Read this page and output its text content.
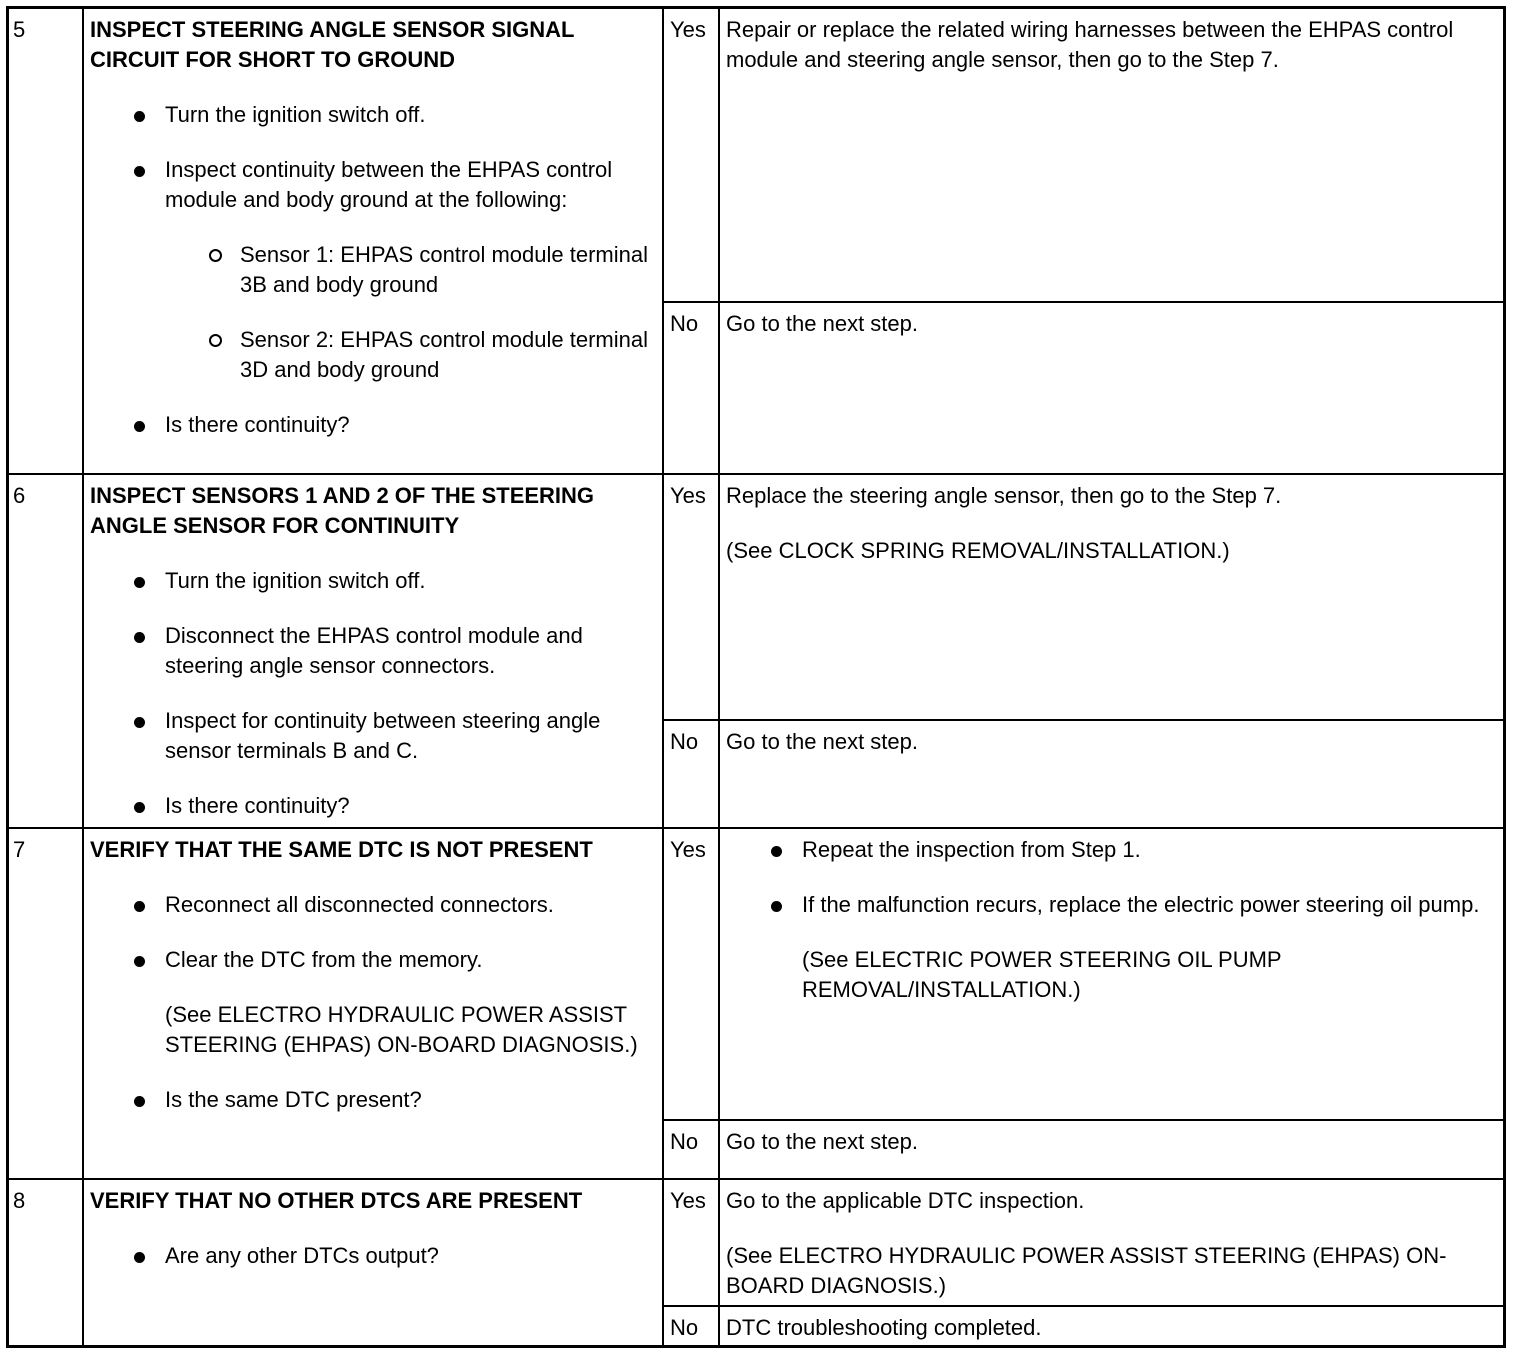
5	INSPECT STEERING ANGLE SENSOR SIGNAL CIRCUIT FOR SHORT TO GROUND
Turn the ignition switch off.
Inspect continuity between the EHPAS control module and body ground at the following:
Sensor 1: EHPAS control module terminal 3B and body ground
Sensor 2: EHPAS control module terminal 3D and body ground
Is there continuity?
Yes Repair or replace the related wiring harnesses between the EHPAS control module and steering angle sensor, then go to the Step 7.
No	Go to the next step.
6	INSPECT SENSORS 1 AND 2 OF THE STEERING ANGLE SENSOR FOR CONTINUITY
Turn the ignition switch off.
Disconnect the EHPAS control module and steering angle sensor connectors.
Inspect for continuity between steering angle sensor terminals B and C.
Is there continuity?
Yes Replace the steering angle sensor, then go to the Step 7.
(See CLOCK SPRING REMOVAL/INSTALLATION.)
No	Go to the next step.
7	VERIFY THAT THE SAME DTC IS NOT PRESENT
Reconnect all disconnected connectors.
Clear the DTC from the memory.
(See ELECTRO HYDRAULIC POWER ASSIST STEERING (EHPAS) ON-BOARD DIAGNOSIS.)
Is the same DTC present?
Yes	Repeat the inspection from Step 1.
If the malfunction recurs, replace the electric power steering oil pump.
(See ELECTRIC POWER STEERING OIL PUMP REMOVAL/INSTALLATION.)
No	Go to the next step.
8	VERIFY THAT NO OTHER DTCS ARE PRESENT
Are any other DTCs output?
Yes Go to the applicable DTC inspection.
(See ELECTRO HYDRAULIC POWER ASSIST STEERING (EHPAS) ON-BOARD DIAGNOSIS.)
No	DTC troubleshooting completed.
